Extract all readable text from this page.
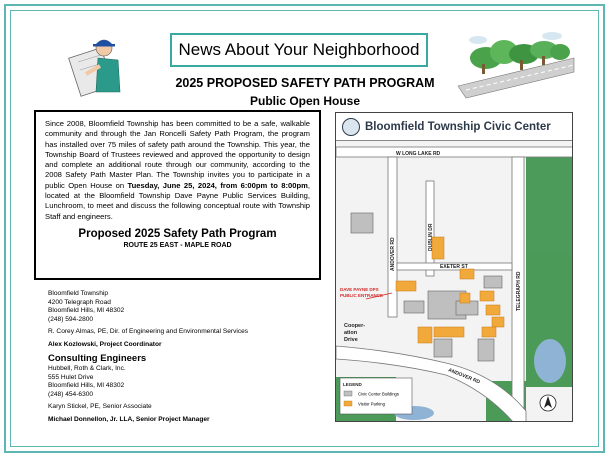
News About Your Neighborhood
2025 PROPOSED SAFETY PATH PROGRAM
Public Open House

Since 2008, Bloomfield Township has been committed to be a safe, walkable community and through the Jan Roncelli Safety Path Program, the program has installed over 75 miles of safety path around the Township. This year, the Township Board of Trustees reviewed and approved the opportunity to design and complete an additional route through our community, according to the 2008 Safety Path Master Plan. The Township invites you to participate in a public Open House on Tuesday, June 25, 2024, from 6:00pm to 8:00pm, located at the Bloomfield Township Dave Payne Public Services Building, Lunchroom, to meet and discuss the following conceptual route with Township Staff and engineers.

Proposed 2025 Safety Path Program
ROUTE 25 EAST - MAPLE ROAD
Bloomfield Township
4200 Telegraph Road
Bloomfield Hills, MI 48302
(248) 594-2800
R. Corey Almas, PE, Dir. of Engineering and Environmental Services
Alex Kozlowski, Project Coordinator
Consulting Engineers
Hubbell, Roth & Clark, Inc.
555 Hulet Drive
Bloomfield Hills, MI 48302
(248) 454-6300
Karyn Stickel, PE, Senior Associate
Michael Donnellon, Jr. LLA, Senior Project Manager
Bloomfield Township Civic Center
W LONG LAKE RD
ANDOVER RD
DUBLIN DR
TELEGRAPH RD
EXETER ST
ANDOVER RD
DAVE PAYNE DPS
PUBLIC ENTRANCE
Cooper-
ation
Drive
LEGEND
Civic Center Buildings
Visitor Parking
